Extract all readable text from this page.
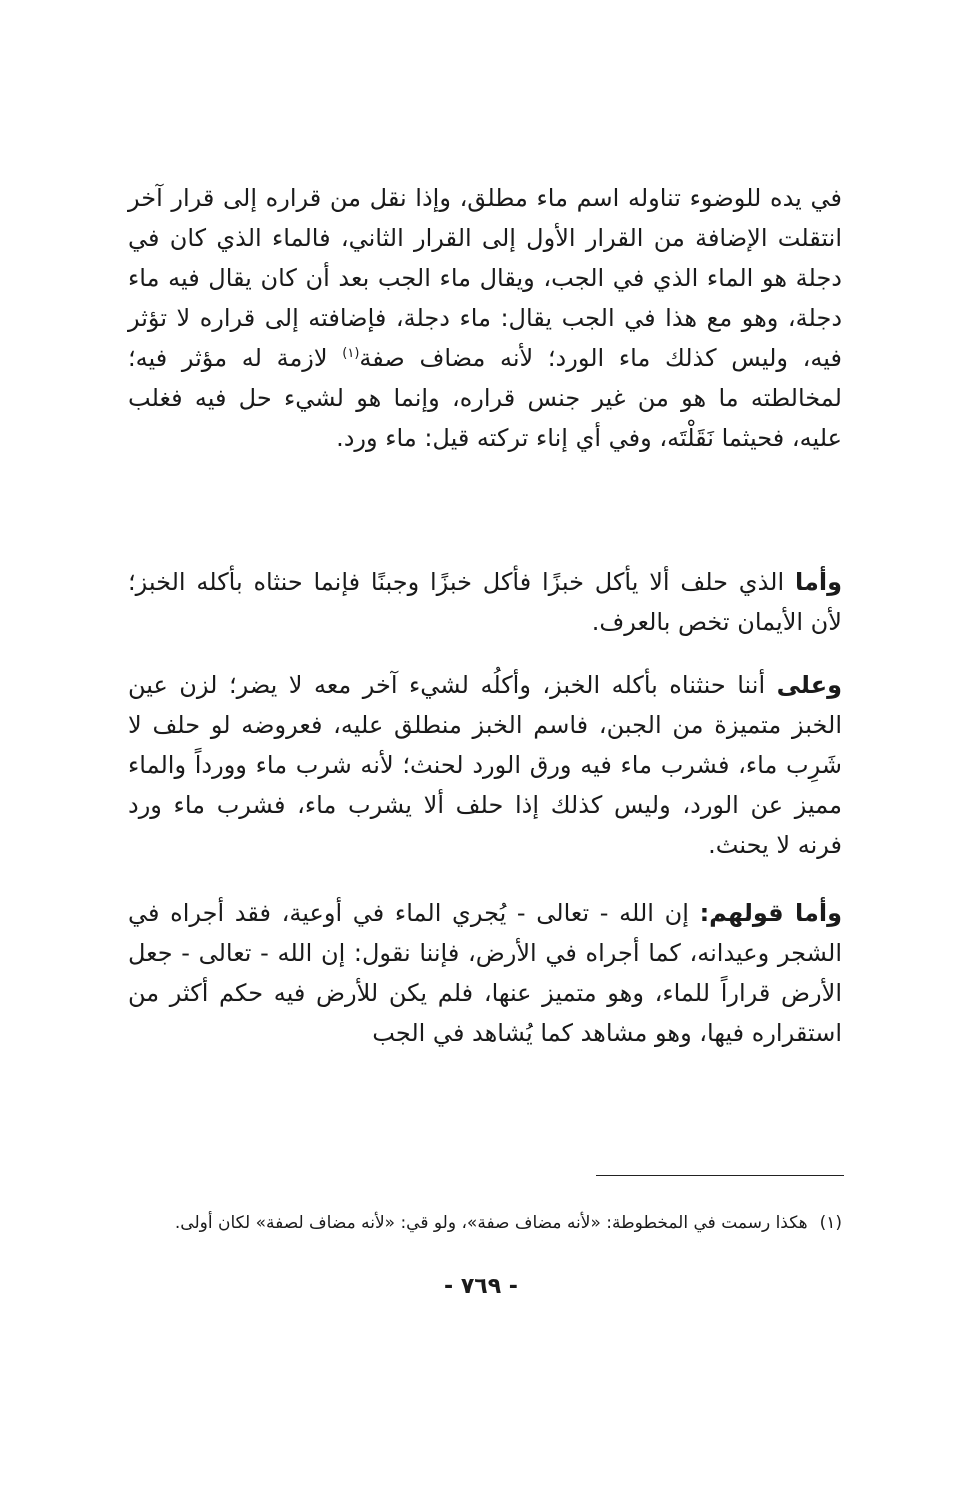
في يده للوضوء تناوله اسم ماء مطلق، وإذا نقل من قراره إلى قرار آخر انتقلت الإضافة من القرار الأول إلى القرار الثاني، فالماء الذي كان في دجلة هو الماء الذي في الجب، ويقال ماء الجب بعد أن كان يقال فيه ماء دجلة، وهو مع هذا في الجب يقال: ماء دجلة، فإضافته إلى قراره لا تؤثر فيه، وليس كذلك ماء الورد؛ لأنه مضاف صفة$^{(١)}$ لازمة له مؤثر فيه؛ لمخالطته ما هو من غير جنس قراره، وإنما هو لشيء حل فيه فغلب عليه، فحيثما نَقَلْتَه، وفي أي إناء تركته قيل: ماء ورد.

وأما الذي حلف ألا يأكل خبزًا فأكل خبزًا وجبنًا فإنما حنثاه بأكله الخبز؛ لأن الأيمان تخص بالعرف.

وعلى أننا حنثناه بأكله الخبز، وأكلُه لشيء آخر معه لا يضر؛ لزن عين الخبز متميزة من الجبن، فاسم الخبز منطلق عليه، فعروضه لو حلف لا شَرِب ماء، فشرب ماء فيه ورق الورد لحنث؛ لأنه شرب ماء وورداً والماء مميز عن الورد، وليس كذلك إذا حلف ألا يشرب ماء، فشرب ماء ورد فرنه لا يحنث.

وأما قولهم: إن الله - تعالى - يُجري الماء في أوعية، فقد أجراه في الشجر وعيدانه، كما أجراه في الأرض، فإننا نقول: إن الله - تعالى - جعل الأرض قراراً للماء، وهو متميز عنها، فلم يكن للأرض فيه حكم أكثر من استقراره فيها، وهو مشاهد كما يُشاهد في الجب

(١)هكذا رسمت في المخطوطة: «لأنه مضاف صفة»، ولو قي: «لأنه مضاف لصفة» لكان أولى.

- ٧٦٩ -
